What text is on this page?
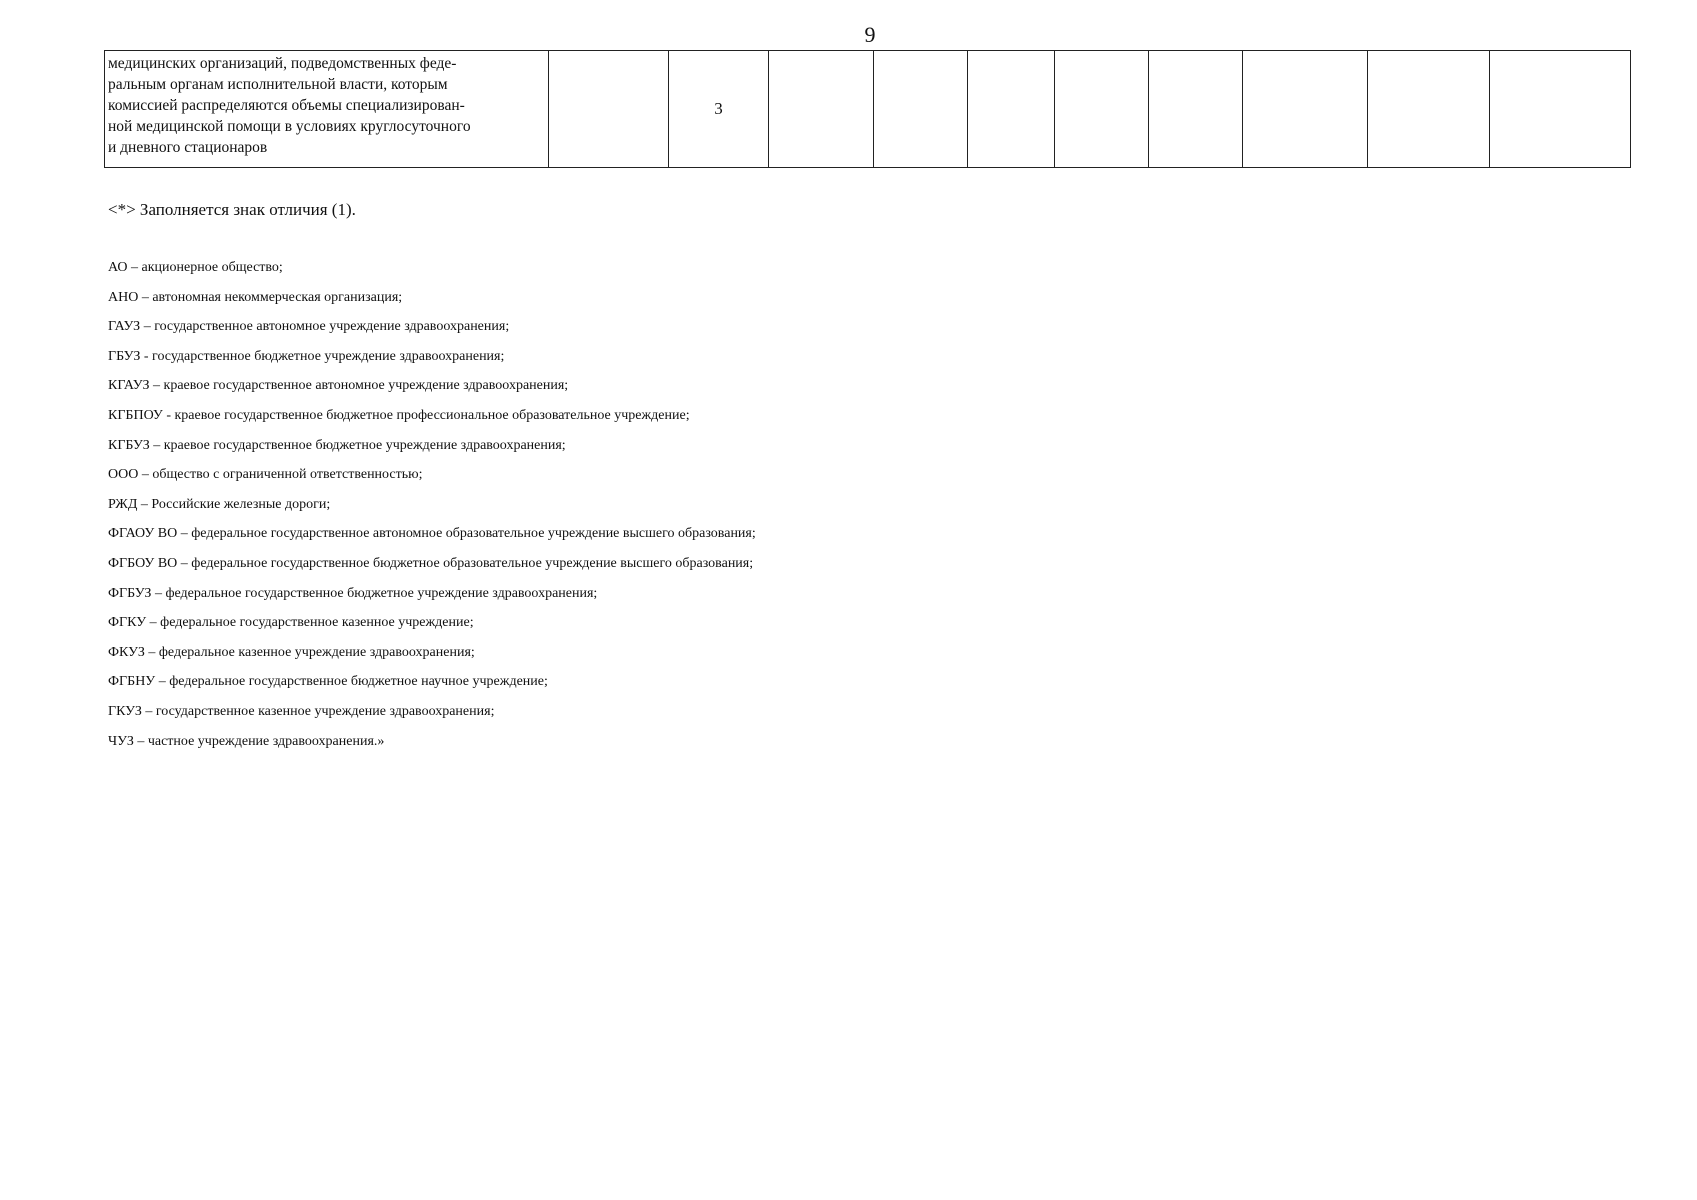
9
медицинских организаций, подведомственных феде-
ральным органам исполнительной власти, которым
комиссией распределяются объемы специализирован-
ной медицинской помощи в условиях круглосуточного
и дневного стационаров
		3								
<*> Заполняется знак отличия (1).
АО – акционерное общество;
АНО – автономная некоммерческая организация;
ГАУЗ – государственное автономное учреждение здравоохранения;
ГБУЗ - государственное бюджетное учреждение здравоохранения;
КГАУЗ – краевое государственное автономное учреждение здравоохранения;
КГБПОУ - краевое государственное бюджетное профессиональное образовательное учреждение;
КГБУЗ – краевое государственное бюджетное учреждение здравоохранения;
ООО – общество с ограниченной ответственностью;
РЖД – Российские железные дороги;
ФГАОУ ВО – федеральное государственное автономное образовательное учреждение высшего образования;
ФГБОУ ВО – федеральное государственное бюджетное образовательное учреждение высшего образования;
ФГБУЗ – федеральное государственное бюджетное учреждение здравоохранения;
ФГКУ – федеральное государственное казенное учреждение;
ФКУЗ – федеральное казенное учреждение здравоохранения;
ФГБНУ – федеральное государственное бюджетное научное учреждение;
ГКУЗ – государственное казенное учреждение здравоохранения;
ЧУЗ – частное учреждение здравоохранения.»
